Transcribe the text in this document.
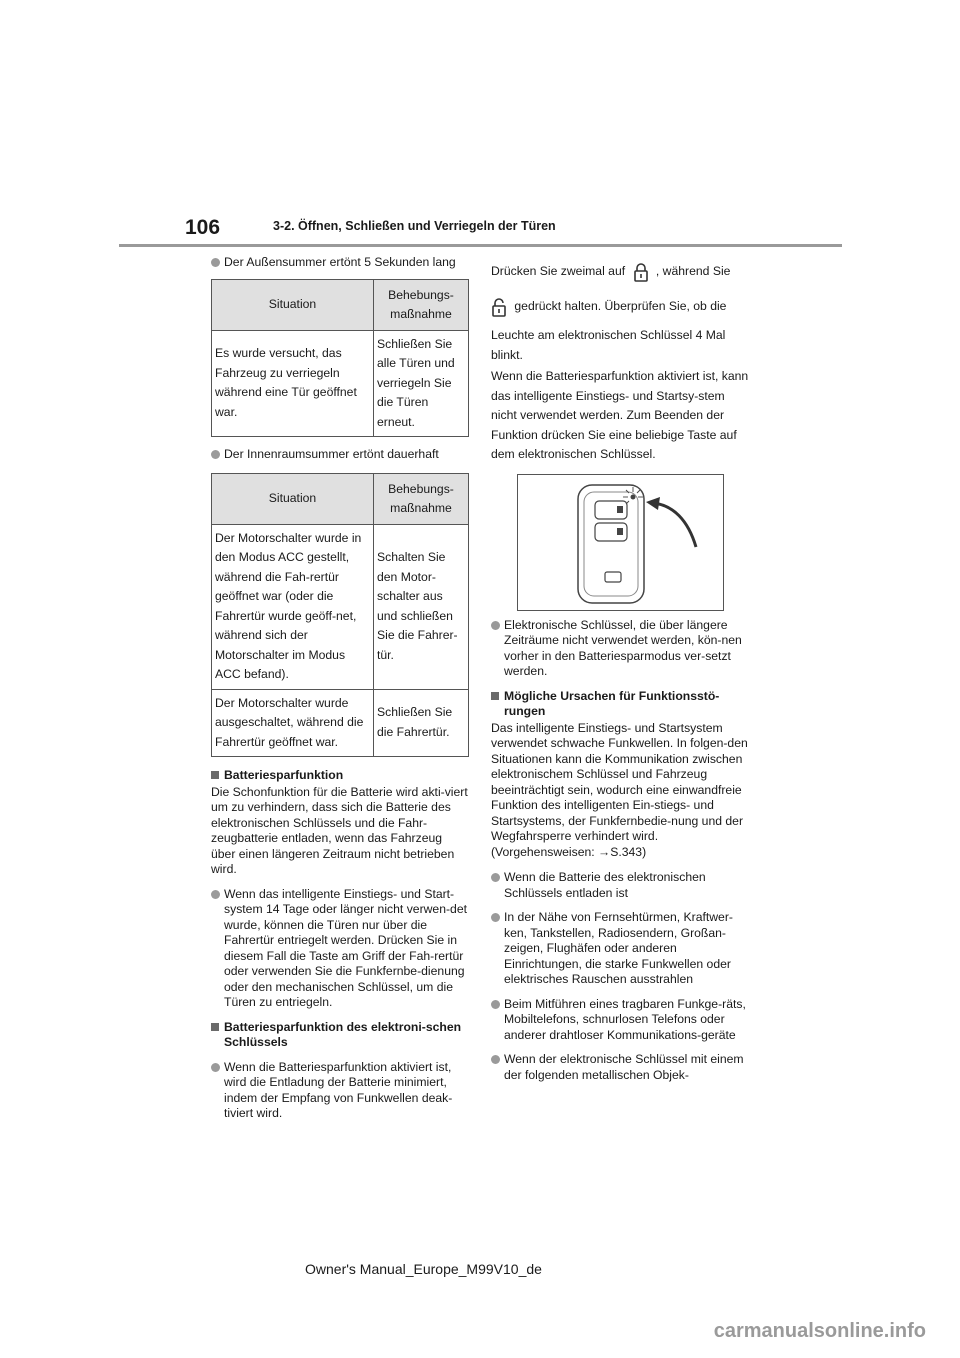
106	3-2. Öffnen, Schließen und Verriegeln der Türen

Der Außensummer ertönt 5 Sekunden lang

Situation	Behebungs-
maßnahme
Es wurde versucht, das Fahrzeug zu verriegeln während eine Tür geöffnet war.	Schließen Sie alle Türen und verriegeln Sie die Türen erneut.

Der Innenraumsummer ertönt dauerhaft

Situation	Behebungs-
maßnahme
Der Motorschalter wurde in den Modus ACC gestellt, während die Fah-rertür geöffnet war (oder die Fahrertür wurde geöff-net, während sich der Motorschalter im Modus ACC befand).	Schalten Sie den Motor-schalter aus und schließen Sie die Fahrer-tür.
Der Motorschalter wurde ausgeschaltet, während die Fahrertür geöffnet war.	Schließen Sie die Fahrertür.

Batteriesparfunktion

Die Schonfunktion für die Batterie wird akti-viert um zu verhindern, dass sich die Batterie des elektronischen Schlüssels und die Fahr-zeugbatterie entladen, wenn das Fahrzeug über einen längeren Zeitraum nicht betrieben wird.

Wenn das intelligente Einstiegs- und Start-system 14 Tage oder länger nicht verwen-det wurde, können die Türen nur über die Fahrertür entriegelt werden. Drücken Sie in diesem Fall die Taste am Griff der Fah-rertür oder verwenden Sie die Funkfernbe-dienung oder den mechanischen Schlüssel, um die Türen zu entriegeln.

Batteriesparfunktion des elektroni-schen Schlüssels

Wenn die Batteriesparfunktion aktiviert ist, wird die Entladung der Batterie minimiert, indem der Empfang von Funkwellen deak-tiviert wird.

Drücken Sie zweimal auf	, während Sie

gedrückt halten. Überprüfen Sie, ob die

Leuchte am elektronischen Schlüssel 4 Mal blinkt.

Wenn die Batteriesparfunktion aktiviert ist, kann das intelligente Einstiegs- und Startsy-stem nicht verwendet werden. Zum Beenden der Funktion drücken Sie eine beliebige Taste auf dem elektronischen Schlüssel.

Elektronische Schlüssel, die über längere Zeiträume nicht verwendet werden, kön-nen vorher in den Batteriesparmodus ver-setzt werden.

Mögliche Ursachen für Funktionsstö-rungen

Das intelligente Einstiegs- und Startsystem verwendet schwache Funkwellen. In folgen-den Situationen kann die Kommunikation zwischen elektronischem Schlüssel und Fahrzeug beeinträchtigt sein, wodurch eine einwandfreie Funktion des intelligenten Ein-stiegs- und Startsystems, der Funkfernbedie-nung und der Wegfahrsperre verhindert wird. (Vorgehensweisen: →S.343)

Wenn die Batterie des elektronischen Schlüssels entladen ist

In der Nähe von Fernsehtürmen, Kraftwer-ken, Tankstellen, Radiosendern, Großan-zeigen, Flughäfen oder anderen Einrichtungen, die starke Funkwellen oder elektrisches Rauschen ausstrahlen

Beim Mitführen eines tragbaren Funkge-räts, Mobiltelefons, schnurlosen Telefons oder anderer drahtloser Kommunikations-geräte

Wenn der elektronische Schlüssel mit einem der folgenden metallischen Objek-

Owner's Manual_Europe_M99V10_de
carmanualsonline.info
